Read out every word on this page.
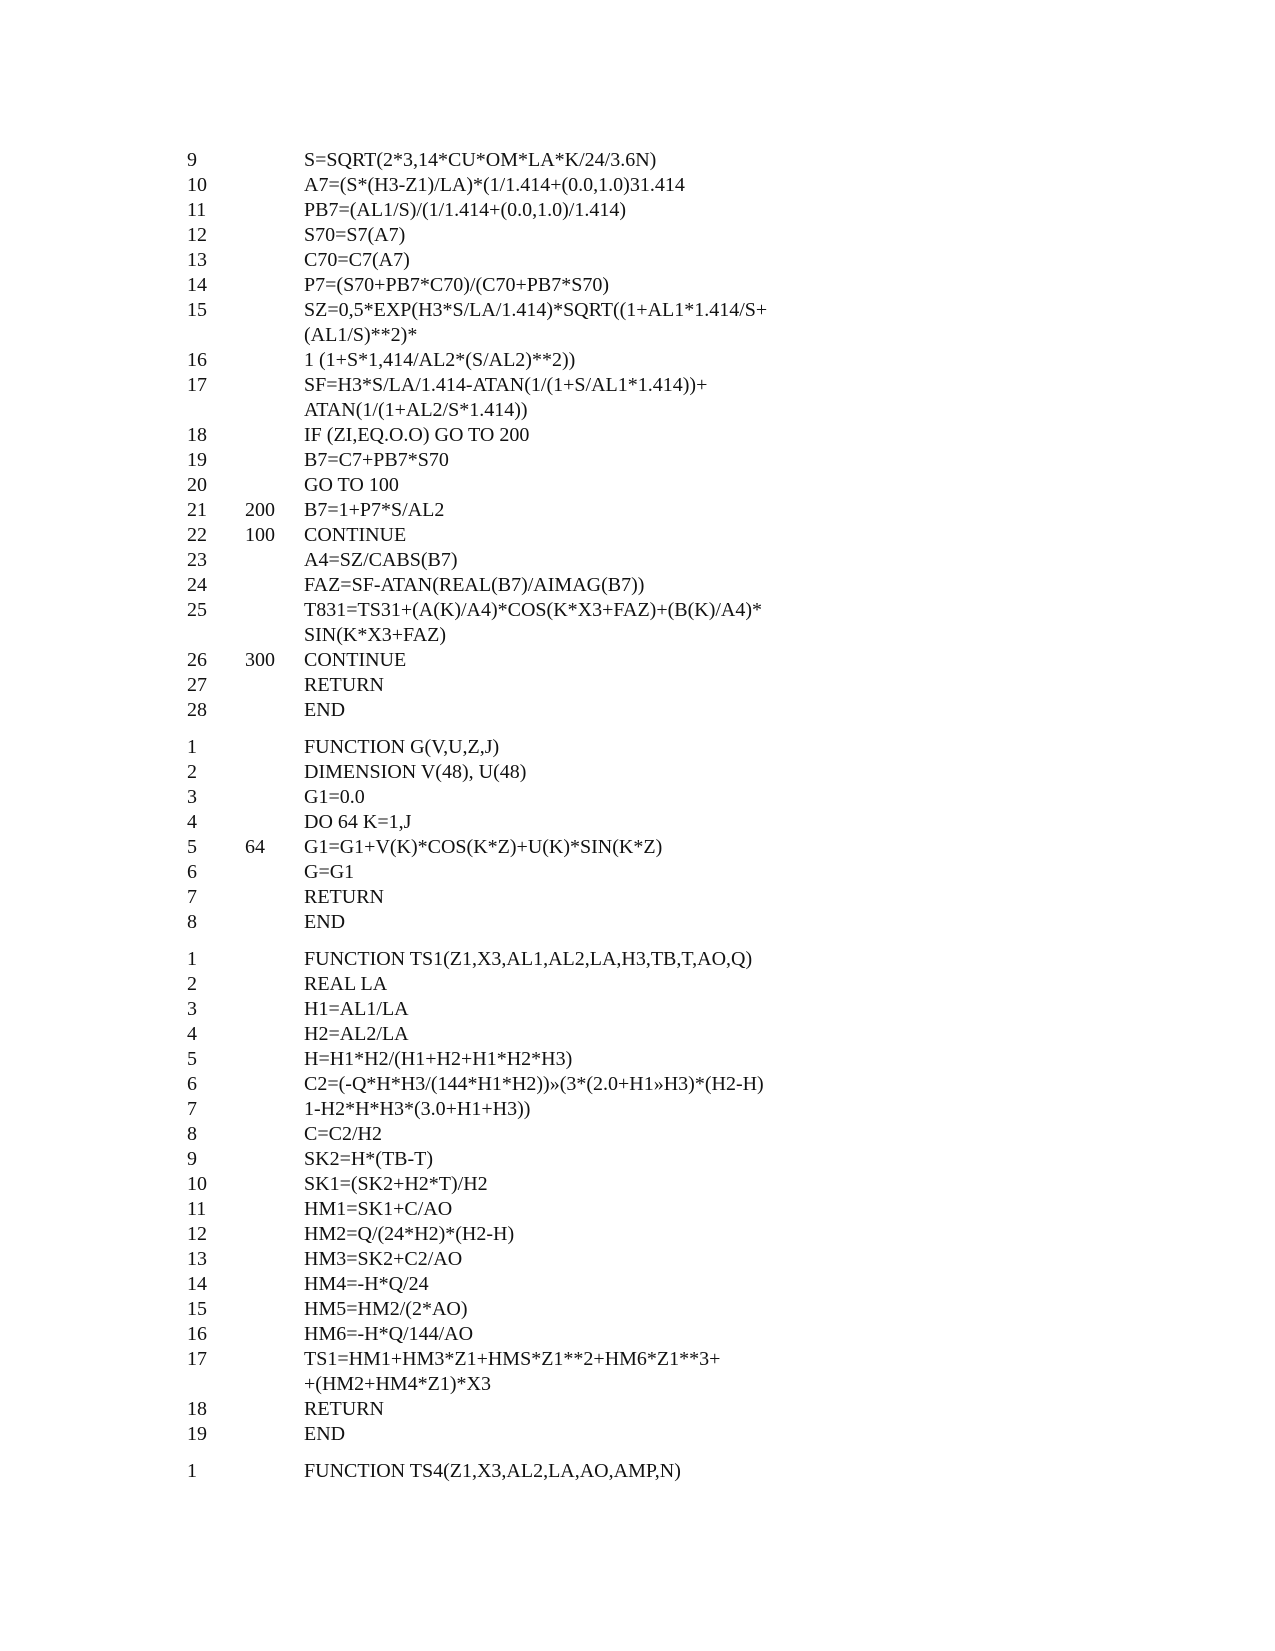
9	S=SQRT(2*3,14*CU*OM*LA*K/24/3.6N)
10	A7=(S*(H3-Z1)/LA)*(1/1.414+(0.0,1.0)31.414
11	PB7=(AL1/S)/(1/1.414+(0.0,1.0)/1.414)
12	S70=S7(A7)
13	C70=C7(A7)
14	P7=(S70+PB7*C70)/(C70+PB7*S70)
15	SZ=0,5*EXP(H3*S/LA/1.414)*SQRT((1+AL1*1.414/S+
(AL1/S)**2)*
16	1 (1+S*1,414/AL2*(S/AL2)**2))
17	SF=H3*S/LA/1.414-ATAN(1/(1+S/AL1*1.414))+
ATAN(1/(1+AL2/S*1.414))
18	IF (ZI,EQ.O.O) GO TO 200
19	B7=C7+PB7*S70
20	GO TO 100
21 200 B7=1+P7*S/AL2
22 100 CONTINUE
23	A4=SZ/CABS(B7)
24	FAZ=SF-ATAN(REAL(B7)/AIMAG(B7))
25	T831=TS31+(A(K)/A4)*COS(K*X3+FAZ)+(B(K)/A4)*
SIN(K*X3+FAZ)
26 300 CONTINUE
27	RETURN
28	END
1	FUNCTION G(V,U,Z,J)
2	DIMENSION V(48), U(48)
3	G1=0.0
4	DO 64 K=1,J
5 64 G1=G1+V(K)*COS(K*Z)+U(K)*SIN(K*Z)
6	G=G1
7	RETURN
8	END
1	FUNCTION TS1(Z1,X3,AL1,AL2,LA,H3,TB,T,AO,Q)
2	REAL LA
3	H1=AL1/LA
4	H2=AL2/LA
5	H=H1*H2/(H1+H2+H1*H2*H3)
6	C2=(-Q*H*H3/(144*H1*H2))»(3*(2.0+H1»H3)*(H2-H)
7	1-H2*H*H3*(3.0+H1+H3))
8	C=C2/H2
9	SK2=H*(TB-T)
10	SK1=(SK2+H2*T)/H2
11	HM1=SK1+C/AO
12	HM2=Q/(24*H2)*(H2-H)
13	HM3=SK2+C2/AO
14	HM4=-H*Q/24
15	HM5=HM2/(2*AO)
16	HM6=-H*Q/144/AO
17	TS1=HM1+HM3*Z1+HMS*Z1**2+HM6*Z1**3+
+(HM2+HM4*Z1)*X3
18	RETURN
19	END
1	FUNCTION TS4(Z1,X3,AL2,LA,AO,AMP,N)
